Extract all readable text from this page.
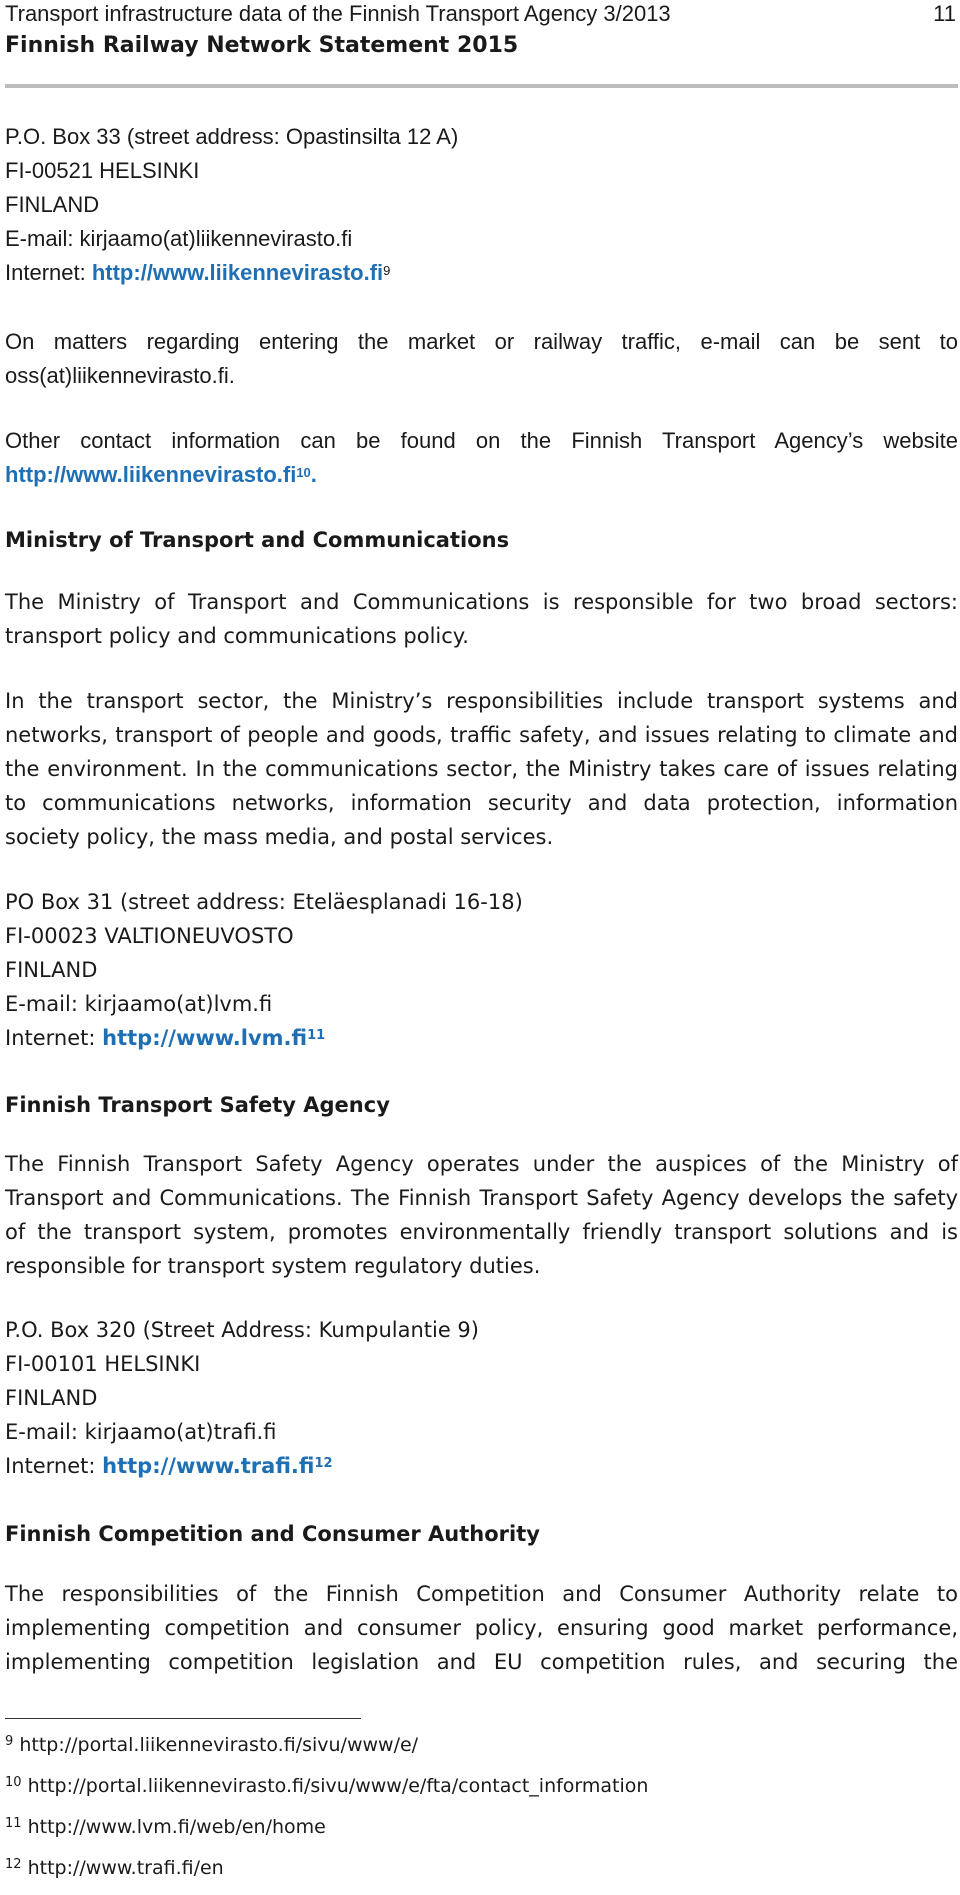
Transport infrastructure data of the Finnish Transport Agency 3/2013
Finnish Railway Network Statement 2015
11
P.O. Box 33 (street address: Opastinsilta 12 A)
FI-00521 HELSINKI
FINLAND
E-mail: kirjaamo(at)liikennevirasto.fi
Internet: $http://www.liikennevirasto.fi^9$
On matters regarding entering the market or railway traffic, e-mail can be sent to
oss(at)liikennevirasto.fi.
Other contact information can be found on the Finnish Transport Agency’s website
$http://www.liikennevirasto.fi^{10}$.
Ministry of Transport and Communications
The Ministry of Transport and Communications is responsible for two broad sectors: transport policy and communications policy.
In the transport sector, the Ministry’s responsibilities include transport systems and networks, transport of people and goods, traffic safety, and issues relating to climate and the environment. In the communications sector, the Ministry takes care of issues relating to communications networks, information security and data protection, information society policy, the mass media, and postal services.
PO Box 31 (street address: Eteläesplanadi 16-18)
FI-00023 VALTIONEUVOSTO
FINLAND
E-mail: kirjaamo(at)lvm.fi
Internet: $http://www.lvm.fi^{11}$
Finnish Transport Safety Agency
The Finnish Transport Safety Agency operates under the auspices of the Ministry of Transport and Communications. The Finnish Transport Safety Agency develops the safety of the transport system, promotes environmentally friendly transport solutions and is responsible for transport system regulatory duties.
P.O. Box 320 (Street Address: Kumpulantie 9)
FI-00101 HELSINKI
FINLAND
E-mail: kirjaamo(at)trafi.fi
Internet: $http://www.trafi.fi^{12}$
Finnish Competition and Consumer Authority
The responsibilities of the Finnish Competition and Consumer Authority relate to implementing competition and consumer policy, ensuring good market performance, implementing competition legislation and EU competition rules, and securing the
$^9$ http://portal.liikennevirasto.fi/sivu/www/e/
$^{10}$ http://portal.liikennevirasto.fi/sivu/www/e/fta/contact_information
$^{11}$ http://www.lvm.fi/web/en/home
$^{12}$ http://www.trafi.fi/en
